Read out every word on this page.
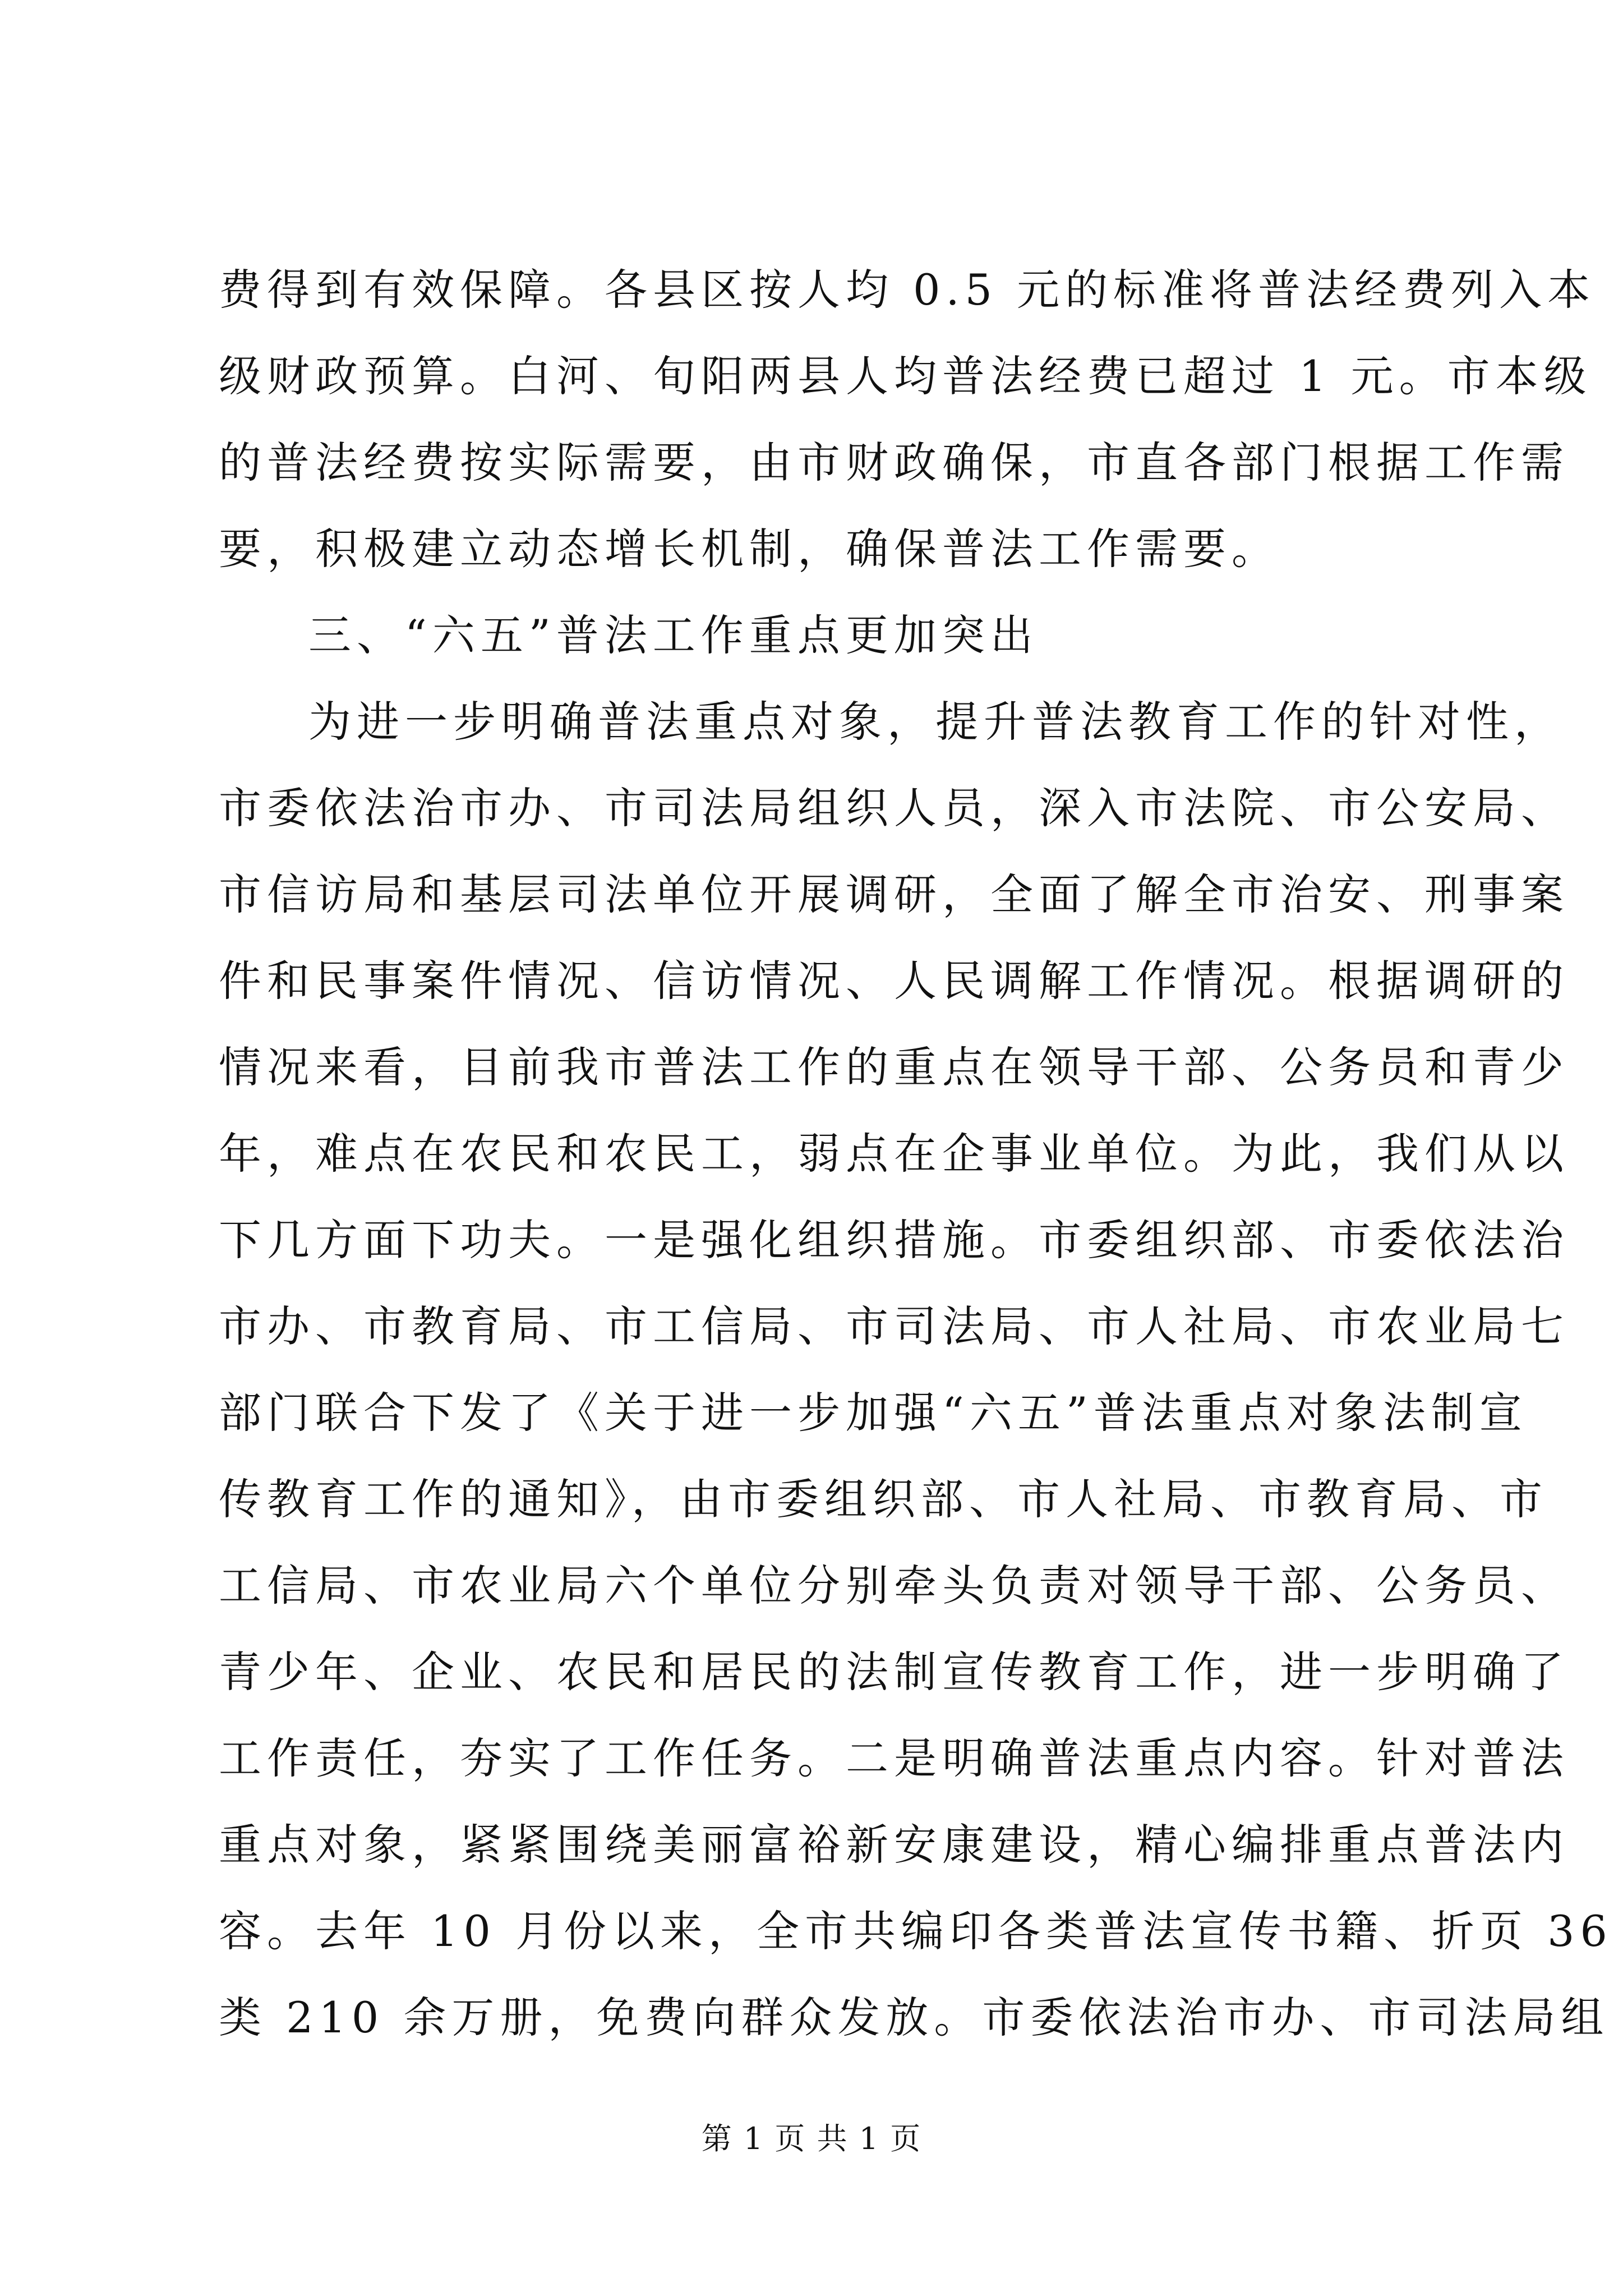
费得到有效保障。各县区按人均 0.5 元的标准将普法经费列入本
级财政预算。白河、旬阳两县人均普法经费已超过 1 元。市本级
的普法经费按实际需要，由市财政确保，市直各部门根据工作需
要，积极建立动态增长机制，确保普法工作需要。
三、“六五”普法工作重点更加突出
为进一步明确普法重点对象，提升普法教育工作的针对性，
市委依法治市办、市司法局组织人员，深入市法院、市公安局、
市信访局和基层司法单位开展调研，全面了解全市治安、刑事案
件和民事案件情况、信访情况、人民调解工作情况。根据调研的
情况来看，目前我市普法工作的重点在领导干部、公务员和青少
年，难点在农民和农民工，弱点在企事业单位。为此，我们从以
下几方面下功夫。一是强化组织措施。市委组织部、市委依法治
市办、市教育局、市工信局、市司法局、市人社局、市农业局七
部门联合下发了《关于进一步加强“六五”普法重点对象法制宣
传教育工作的通知》，由市委组织部、市人社局、市教育局、市
工信局、市农业局六个单位分别牵头负责对领导干部、公务员、
青少年、企业、农民和居民的法制宣传教育工作，进一步明确了
工作责任，夯实了工作任务。二是明确普法重点内容。针对普法
重点对象，紧紧围绕美丽富裕新安康建设，精心编排重点普法内
容。去年 10 月份以来，全市共编印各类普法宣传书籍、折页 36
类 210 余万册，免费向群众发放。市委依法治市办、市司法局组
第 1 页 共 1 页
